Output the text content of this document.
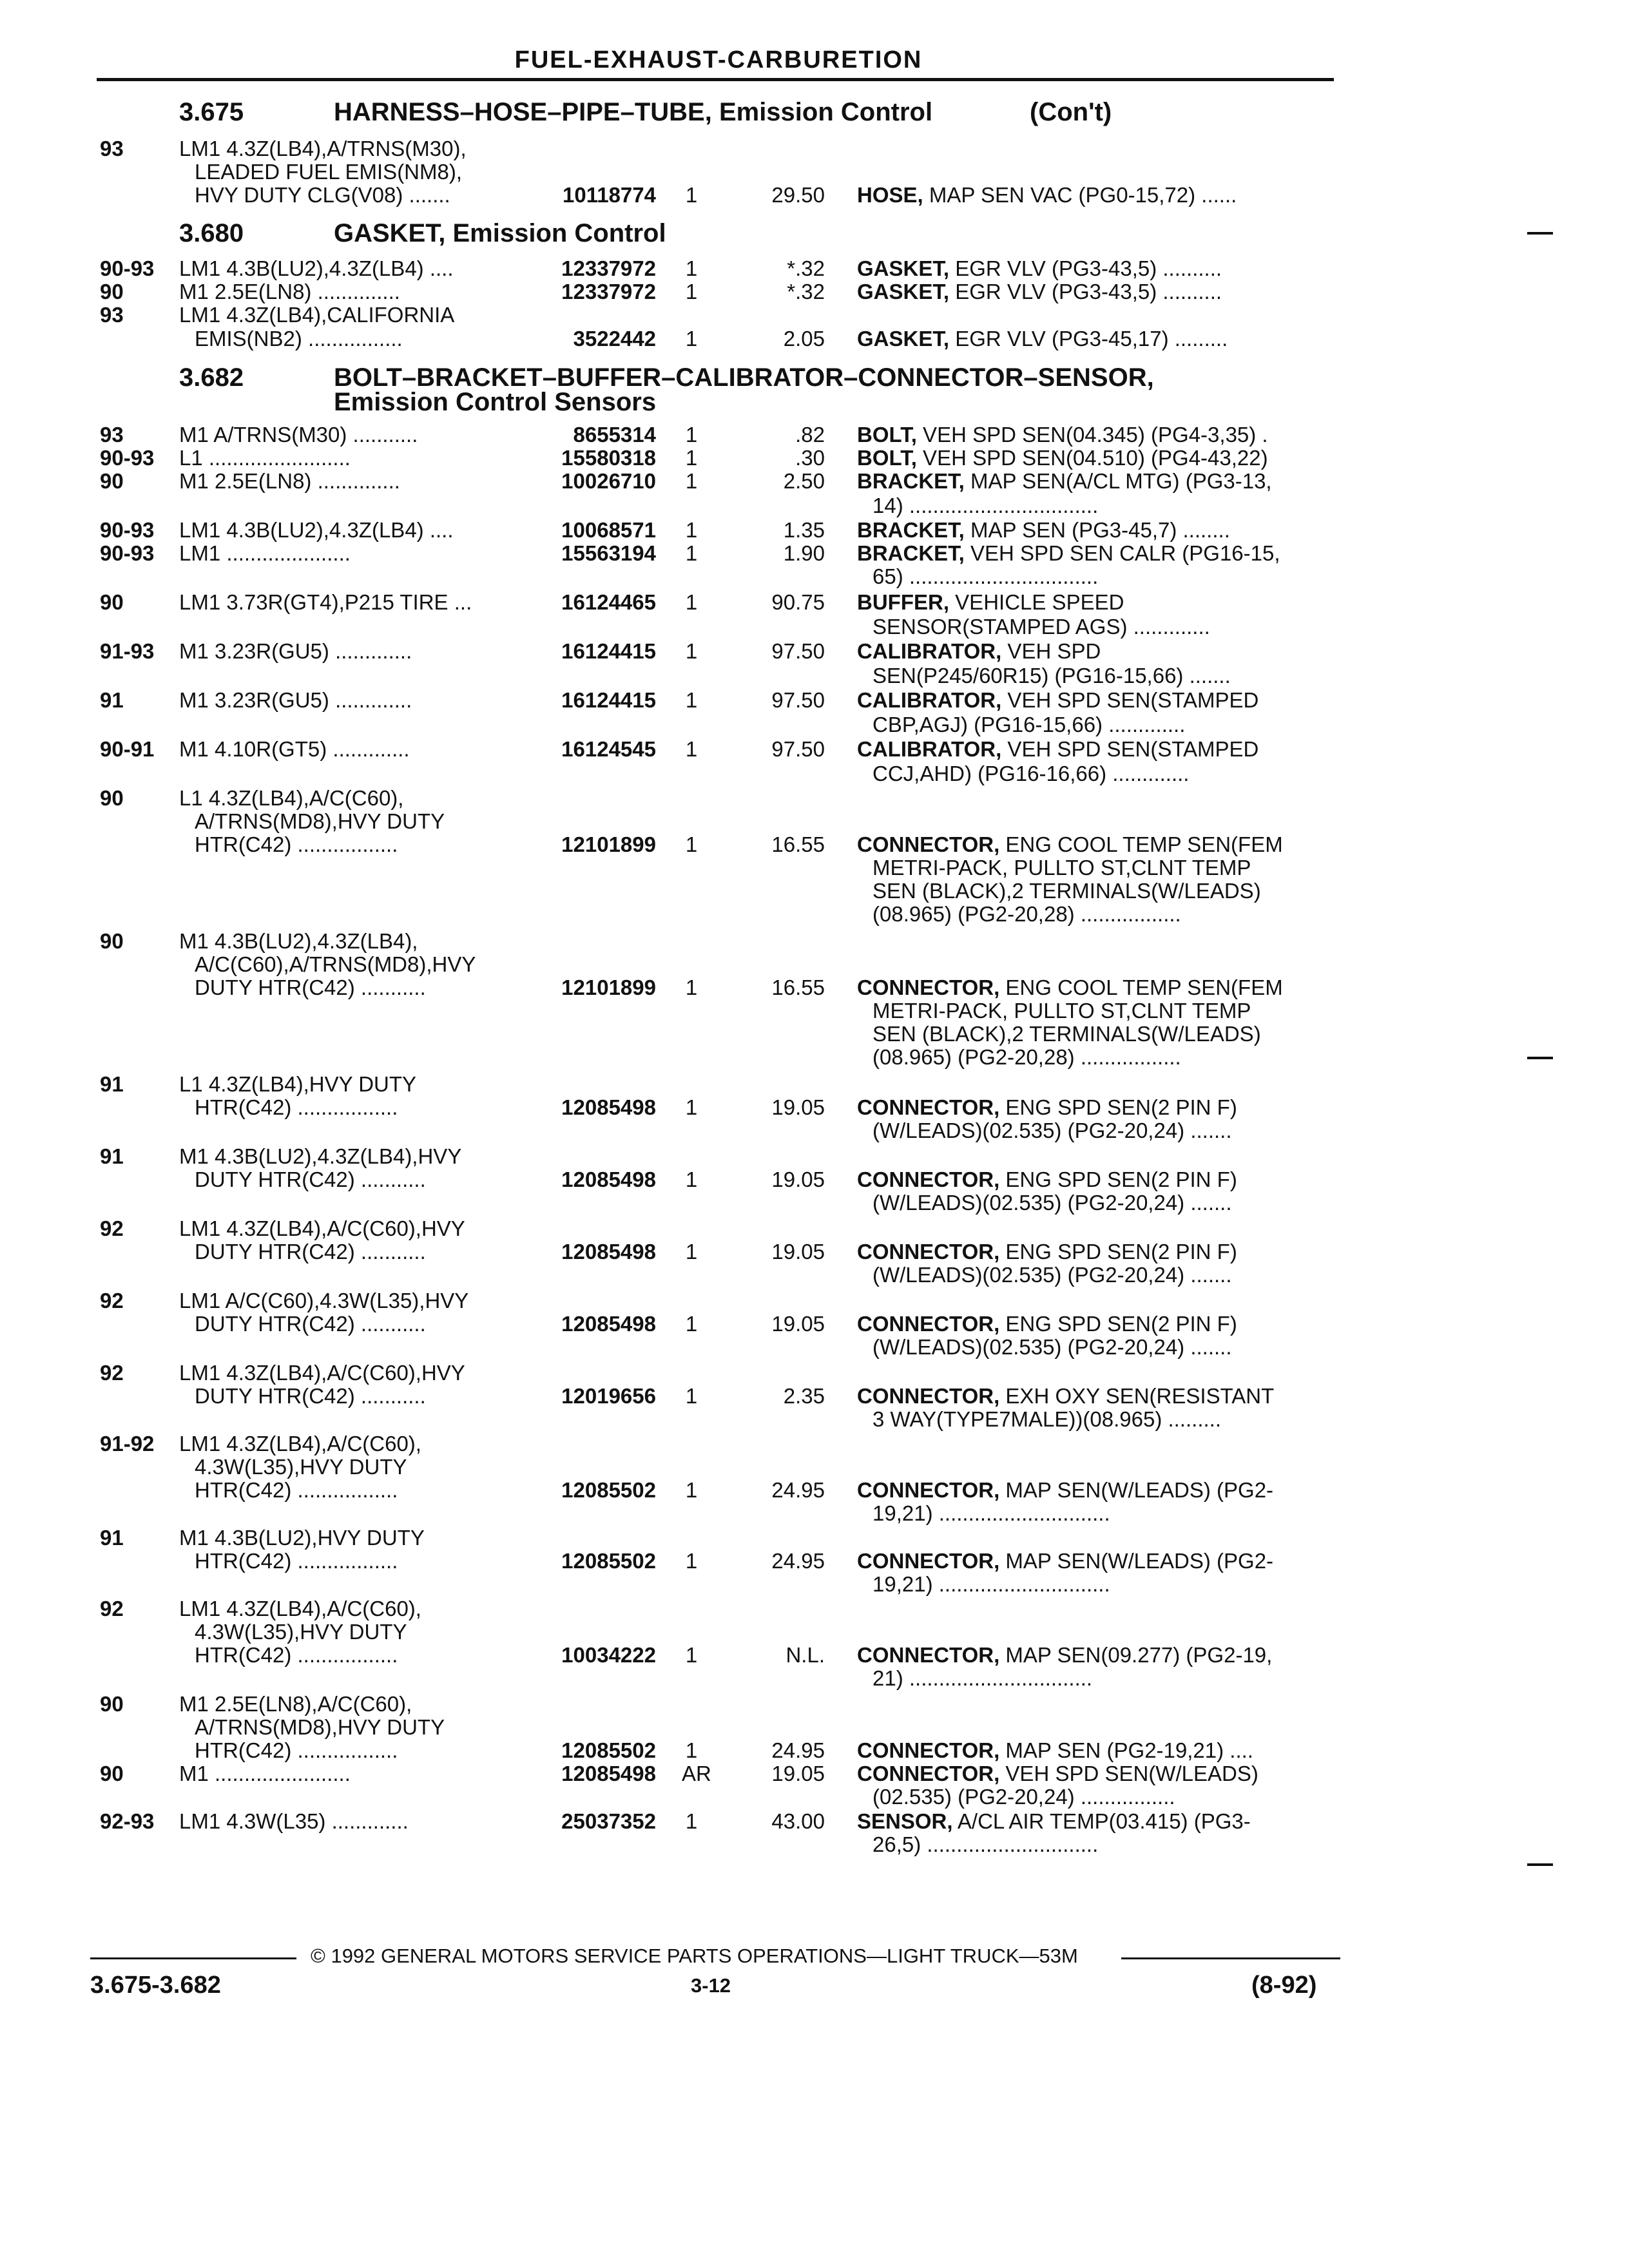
FUEL-EXHAUST-CARBURETION
3.675	HARNESS–HOSE–PIPE–TUBE, Emission Control	(Con't)
93	LM1 4.3Z(LB4),A/TRNS(M30),
LEADED FUEL EMIS(NM8),
HVY DUTY CLG(V08) .......	10118774 1	29.50 HOSE, MAP SEN VAC (PG0-15,72) ......
3.680	GASKET, Emission Control
90-93 LM1 4.3B(LU2),4.3Z(LB4) ....	12337972 1	*.32 GASKET, EGR VLV (PG3-43,5) ..........
90	M1 2.5E(LN8) ..............	12337972 1	*.32 GASKET, EGR VLV (PG3-43,5) ..........
93	LM1 4.3Z(LB4),CALIFORNIA
EMIS(NB2) ................	3522442 1	2.05 GASKET, EGR VLV (PG3-45,17) .........
3.682	BOLT–BRACKET–BUFFER–CALIBRATOR–CONNECTOR–SENSOR,
Emission Control Sensors
93	M1 A/TRNS(M30) ...........	8655314 1	.82 BOLT, VEH SPD SEN(04.345) (PG4-3,35) .
90-93 L1 ........................	15580318 1	.30 BOLT, VEH SPD SEN(04.510) (PG4-43,22)
90	M1 2.5E(LN8) ..............	10026710 1	2.50 BRACKET, MAP SEN(A/CL MTG) (PG3-13,
14) ................................
90-93 LM1 4.3B(LU2),4.3Z(LB4) ....	10068571 1	1.35 BRACKET, MAP SEN (PG3-45,7) ........
90-93 LM1 .....................	15563194 1	1.90 BRACKET, VEH SPD SEN CALR (PG16-15,
65) ................................
90	LM1 3.73R(GT4),P215 TIRE ...	16124465 1	90.75 BUFFER, VEHICLE SPEED
SENSOR(STAMPED AGS) .............
91-93 M1 3.23R(GU5) .............	16124415 1	97.50 CALIBRATOR, VEH SPD
SEN(P245/60R15) (PG16-15,66) .......
91	M1 3.23R(GU5) .............	16124415 1	97.50 CALIBRATOR, VEH SPD SEN(STAMPED
CBP,AGJ) (PG16-15,66) .............
90-91 M1 4.10R(GT5) .............	16124545 1	97.50 CALIBRATOR, VEH SPD SEN(STAMPED
CCJ,AHD) (PG16-16,66) .............
90	L1 4.3Z(LB4),A/C(C60),
A/TRNS(MD8),HVY DUTY
HTR(C42) .................	12101899 1	16.55 CONNECTOR, ENG COOL TEMP SEN(FEM
METRI-PACK, PULLTO ST,CLNT TEMP
SEN (BLACK),2 TERMINALS(W/LEADS)
(08.965) (PG2-20,28) .................
90	M1 4.3B(LU2),4.3Z(LB4),
A/C(C60),A/TRNS(MD8),HVY
DUTY HTR(C42) ...........	12101899 1	16.55 CONNECTOR, ENG COOL TEMP SEN(FEM
METRI-PACK, PULLTO ST,CLNT TEMP
SEN (BLACK),2 TERMINALS(W/LEADS)
(08.965) (PG2-20,28) .................
91	L1 4.3Z(LB4),HVY DUTY
HTR(C42) .................	12085498 1	19.05 CONNECTOR, ENG SPD SEN(2 PIN F)
(W/LEADS)(02.535) (PG2-20,24) .......
91	M1 4.3B(LU2),4.3Z(LB4),HVY
DUTY HTR(C42) ...........	12085498 1	19.05 CONNECTOR, ENG SPD SEN(2 PIN F)
(W/LEADS)(02.535) (PG2-20,24) .......
92	LM1 4.3Z(LB4),A/C(C60),HVY
DUTY HTR(C42) ...........	12085498 1	19.05 CONNECTOR, ENG SPD SEN(2 PIN F)
(W/LEADS)(02.535) (PG2-20,24) .......
92	LM1 A/C(C60),4.3W(L35),HVY
DUTY HTR(C42) ...........	12085498 1	19.05 CONNECTOR, ENG SPD SEN(2 PIN F)
(W/LEADS)(02.535) (PG2-20,24) .......
92	LM1 4.3Z(LB4),A/C(C60),HVY
DUTY HTR(C42) ...........	12019656 1	2.35 CONNECTOR, EXH OXY SEN(RESISTANT
3 WAY(TYPE7MALE))(08.965) .........
91-92 LM1 4.3Z(LB4),A/C(C60),
4.3W(L35),HVY DUTY
HTR(C42) .................	12085502 1	24.95 CONNECTOR, MAP SEN(W/LEADS) (PG2-
19,21) .............................
91	M1 4.3B(LU2),HVY DUTY
HTR(C42) .................	12085502 1	24.95 CONNECTOR, MAP SEN(W/LEADS) (PG2-
19,21) .............................
92	LM1 4.3Z(LB4),A/C(C60),
4.3W(L35),HVY DUTY
HTR(C42) .................	10034222 1	N.L. CONNECTOR, MAP SEN(09.277) (PG2-19,
21) ...............................
90	M1 2.5E(LN8),A/C(C60),
A/TRNS(MD8),HVY DUTY
HTR(C42) .................	12085502 1	24.95 CONNECTOR, MAP SEN (PG2-19,21) ....
90	M1 .......................	12085498 AR	19.05 CONNECTOR, VEH SPD SEN(W/LEADS)
(02.535) (PG2-20,24) ................
92-93 LM1 4.3W(L35) .............	25037352 1	43.00 SENSOR, A/CL AIR TEMP(03.415) (PG3-
26,5) .............................
© 1992 GENERAL MOTORS SERVICE PARTS OPERATIONS—LIGHT TRUCK—53M
3.675-3.682	3-12	(8-92)
